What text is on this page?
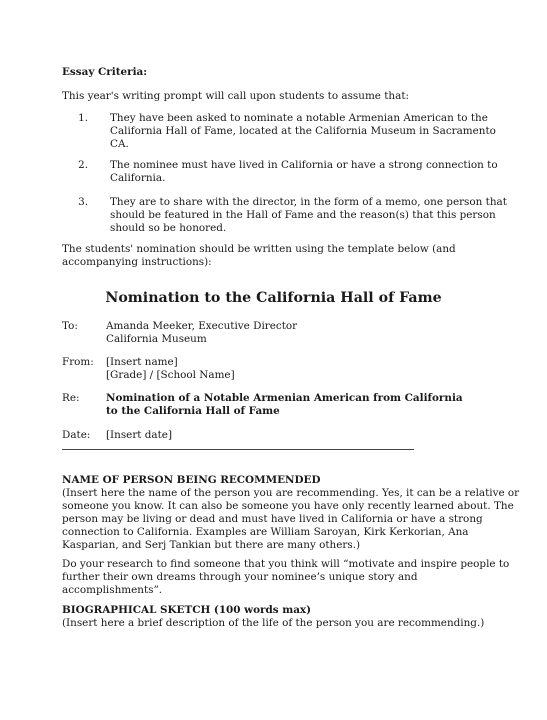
Essay Criteria:
This year's writing prompt will call upon students to assume that:
1. They have been asked to nominate a notable Armenian American to the
California Hall of Fame, located at the California Museum in Sacramento
CA.
2. The nominee must have lived in California or have a strong connection to
California.
3. They are to share with the director, in the form of a memo, one person that
should be featured in the Hall of Fame and the reason(s) that this person
should so be honored.
The students' nomination should be written using the template below (and
accompanying instructions):
Nomination to the California Hall of Fame
To:	Amanda Meeker, Executive Director
California Museum
From: [Insert name]
[Grade] / [School Name]
Re:	Nomination of a Notable Armenian American from California
to the California Hall of Fame
Date: [Insert date]
NAME OF PERSON BEING RECOMMENDED
(Insert here the name of the person you are recommending. Yes, it can be a relative or
someone you know. It can also be someone you have only recently learned about. The
person may be living or dead and must have lived in California or have a strong
connection to California. Examples are William Saroyan, Kirk Kerkorian, Ana
Kasparian, and Serj Tankian but there are many others.)
Do your research to find someone that you think will “motivate and inspire people to
further their own dreams through your nominee’s unique story and
accomplishments”.
BIOGRAPHICAL SKETCH (100 words max)
(Insert here a brief description of the life of the person you are recommending.)
